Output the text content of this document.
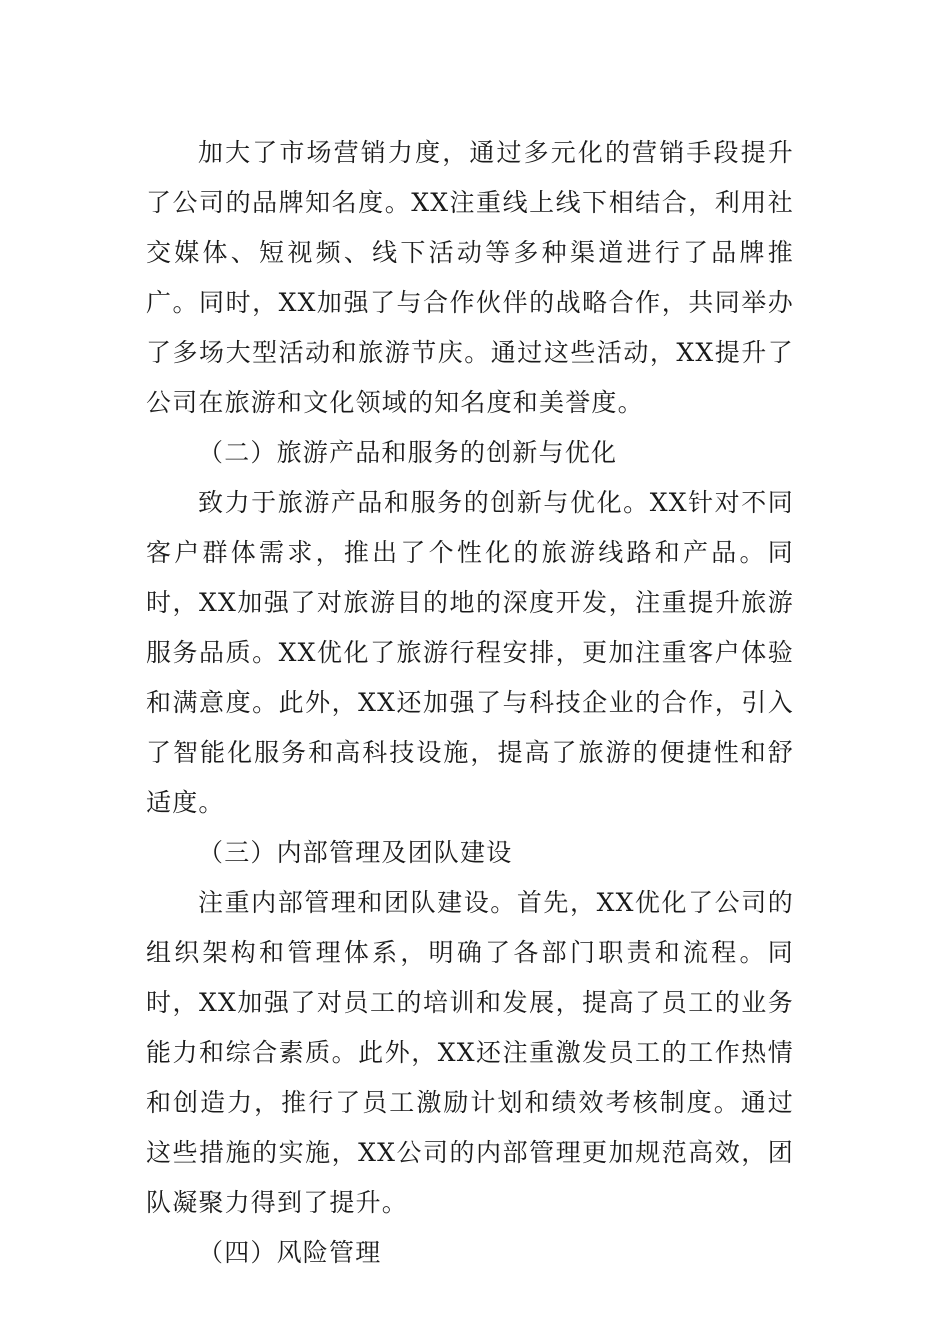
加大了市场营销力度，通过多元化的营销手段提升了公司的品牌知名度。XX注重线上线下相结合，利用社交媒体、短视频、线下活动等多种渠道进行了品牌推广。同时，XX加强了与合作伙伴的战略合作，共同举办了多场大型活动和旅游节庆。通过这些活动，XX提升了公司在旅游和文化领域的知名度和美誉度。

（二）旅游产品和服务的创新与优化

致力于旅游产品和服务的创新与优化。XX针对不同客户群体需求，推出了个性化的旅游线路和产品。同时，XX加强了对旅游目的地的深度开发，注重提升旅游服务品质。XX优化了旅游行程安排，更加注重客户体验和满意度。此外，XX还加强了与科技企业的合作，引入了智能化服务和高科技设施，提高了旅游的便捷性和舒适度。

（三）内部管理及团队建设

注重内部管理和团队建设。首先，XX优化了公司的组织架构和管理体系，明确了各部门职责和流程。同时，XX加强了对员工的培训和发展，提高了员工的业务能力和综合素质。此外，XX还注重激发员工的工作热情和创造力，推行了员工激励计划和绩效考核制度。通过这些措施的实施，XX公司的内部管理更加规范高效，团队凝聚力得到了提升。

（四）风险管理
